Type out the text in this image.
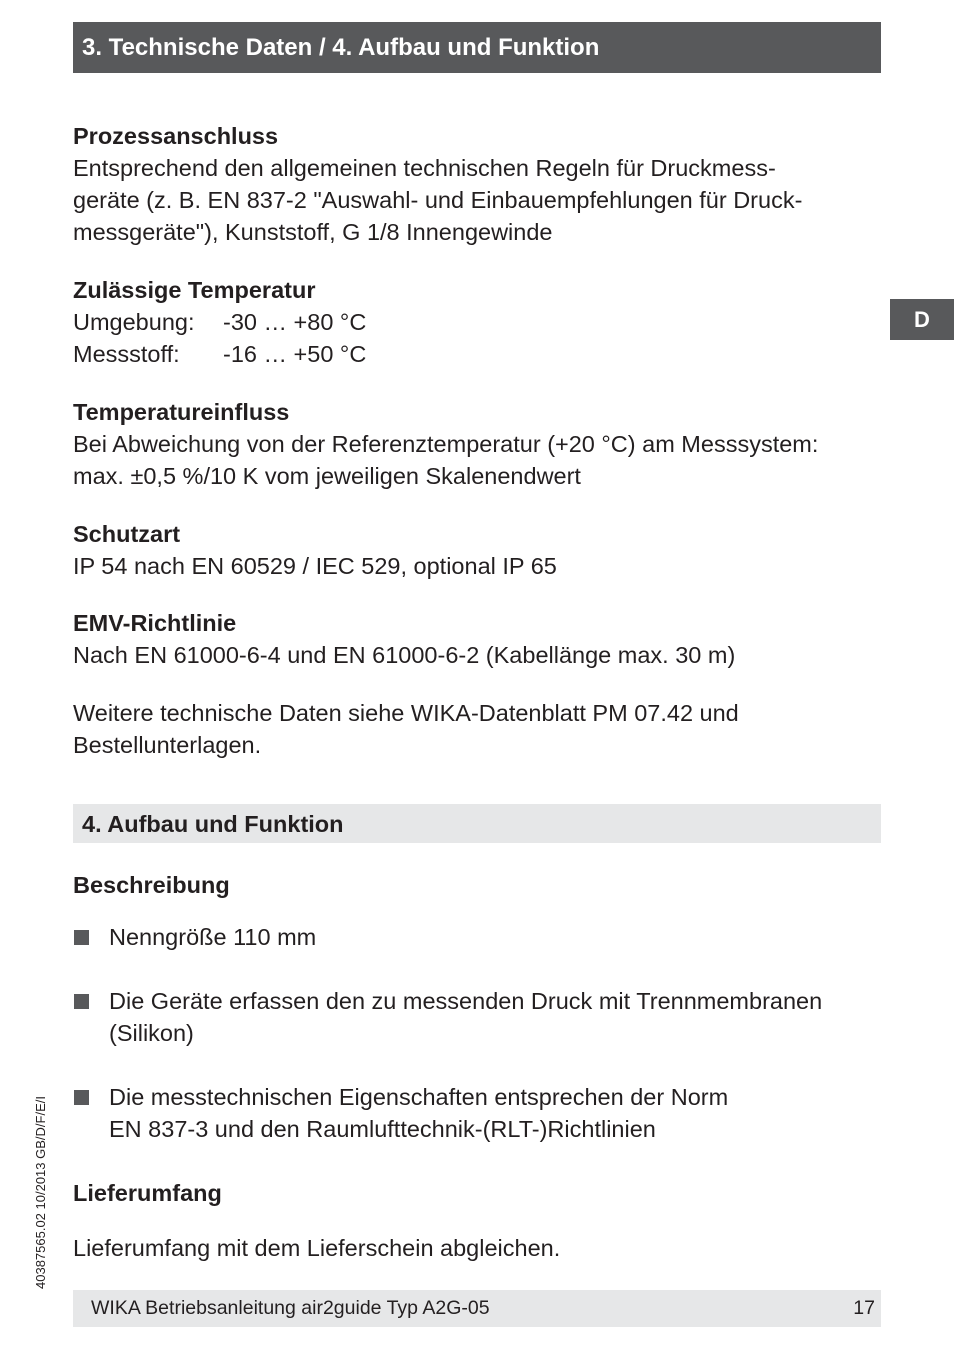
3. Technische Daten / 4. Aufbau und Funktion
D
Prozessanschluss
Entsprechend den allgemeinen technischen Regeln für Druckmess-
geräte (z. B. EN 837-2 "Auswahl- und Einbauempfehlungen für Druck-
messgeräte"), Kunststoff, G 1/8 Innengewinde
Zulässige Temperatur
Umgebung:	-30 … +80 °C
Messstoff:	-16 … +50 °C
Temperatureinfluss
Bei Abweichung von der Referenztemperatur (+20 °C) am Messsystem:
max. ±0,5 %/10 K vom jeweiligen Skalenendwert
Schutzart
IP 54 nach EN 60529 / IEC 529, optional IP 65
EMV-Richtlinie
Nach EN 61000-6-4 und EN 61000-6-2 (Kabellänge max. 30 m)
Weitere technische Daten siehe WIKA-Datenblatt PM 07.42 und
Bestellunterlagen.
4. Aufbau und Funktion
Beschreibung
Nenngröße 110 mm
Die Geräte erfassen den zu messenden Druck mit Trennmembranen
(Silikon)
Die messtechnischen Eigenschaften entsprechen der Norm
EN 837-3 und den Raumlufttechnik-(RLT-)Richtlinien
Lieferumfang
Lieferumfang mit dem Lieferschein abgleichen.
40387565.02 10/2013 GB/D/F/E/I
WIKA Betriebsanleitung air2guide Typ A2G-05	17
